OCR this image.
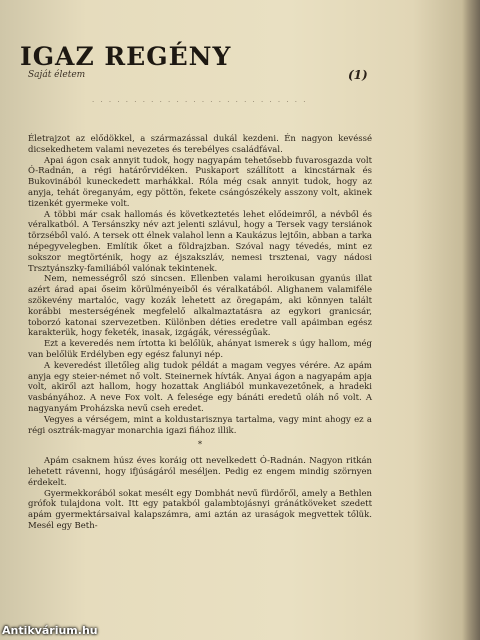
IGAZ REGÉNY
Saját életem	(1)
· · · · · · · · · · · · · · · · · · · · · · · · · ·

Életrajzot az elődökkel, a származással dukál kezdeni. Én nagyon kevéssé dicsekedhetem valami nevezetes és terebélyes családfával.

Apai ágon csak annyit tudok, hogy nagyapám tehetősebb fuvarosgazda volt Ó-Radnán, a régi határőrvidéken. Puskaport szállított a kincstárnak és Bukovinából kuneckedett marhákkal. Róla még csak annyit tudok, hogy az anyja, tehát öreganyám, egy pöttön, fekete csángószékely asszony volt, akinek tizenkét gyermeke volt.

A többi már csak hallomás és következtetés lehet elődeimről, a névből és véralkatból. A Tersánszky név azt jelenti szlávul, hogy a Tersek vagy tersiánok törzséből való. A tersek ott élnek valahol lenn a Kaukázus lejtőin, abban a tarka népegyvelegben. Említik őket a földrajzban. Szóval nagy tévedés, mint ez sokszor megtörténik, hogy az éjszakszláv, nemesi trsztenai, vagy nádosi Trsztyánszky-familiából valónak tekintenek.

Nem, nemességről szó sincsen. Ellenben valami heroikusan gyanús illat azért árad apai őseim körülményeiből és véralkatából. Alighanem valamiféle szökevény martalóc, vagy kozák lehetett az öregapám, aki könnyen talált korábbi mesterségének megfelelő alkalmaztatásra az egykori granicsár, toborzó katonai szervezetben. Különben déties eredetre vall apáimban egész karakterük, hogy feketék, inasak, izgágák, vérességűak.

Ezt a keveredés nem írtotta ki belőlük, ahányat ismerek s úgy hallom, még van belőlük Erdélyben egy egész falunyi nép.

A keveredést illetőleg alig tudok példát a magam vegyes vérére. Az apám anyja egy steier-német nő volt. Steinernek hívták. Anyai ágon a nagyapám apja volt, akiről azt hallom, hogy hozattak Angliából munkavezetőnek, a hradeki vasbányához. A neve Fox volt. A felesége egy bánáti eredetű oláh nő volt. A nagyanyám Proházska nevű cseh eredet.

Vegyes a vérségem, mint a koldustarisznya tartalma, vagy mint ahogy ez a régi osztrák-magyar monarchia igazi fiához illik.

*

Apám csaknem húsz éves koráig ott nevelkedett Ó-Radnán. Nagyon ritkán lehetett rávenni, hogy ifjúságáról meséljen. Pedig ez engem mindig szörnyen érdekelt.

Gyermekkorából sokat mesélt egy Dombhát nevű fürdőről, amely a Bethlen grófok tulajdona volt. Itt egy patakból galambtojásnyi gránátköveket szedett apám gyermektársaival kalapszámra, ami aztán az uraságok megvettek tőlük. Mesél egy Beth-

Antikvárium.hu
